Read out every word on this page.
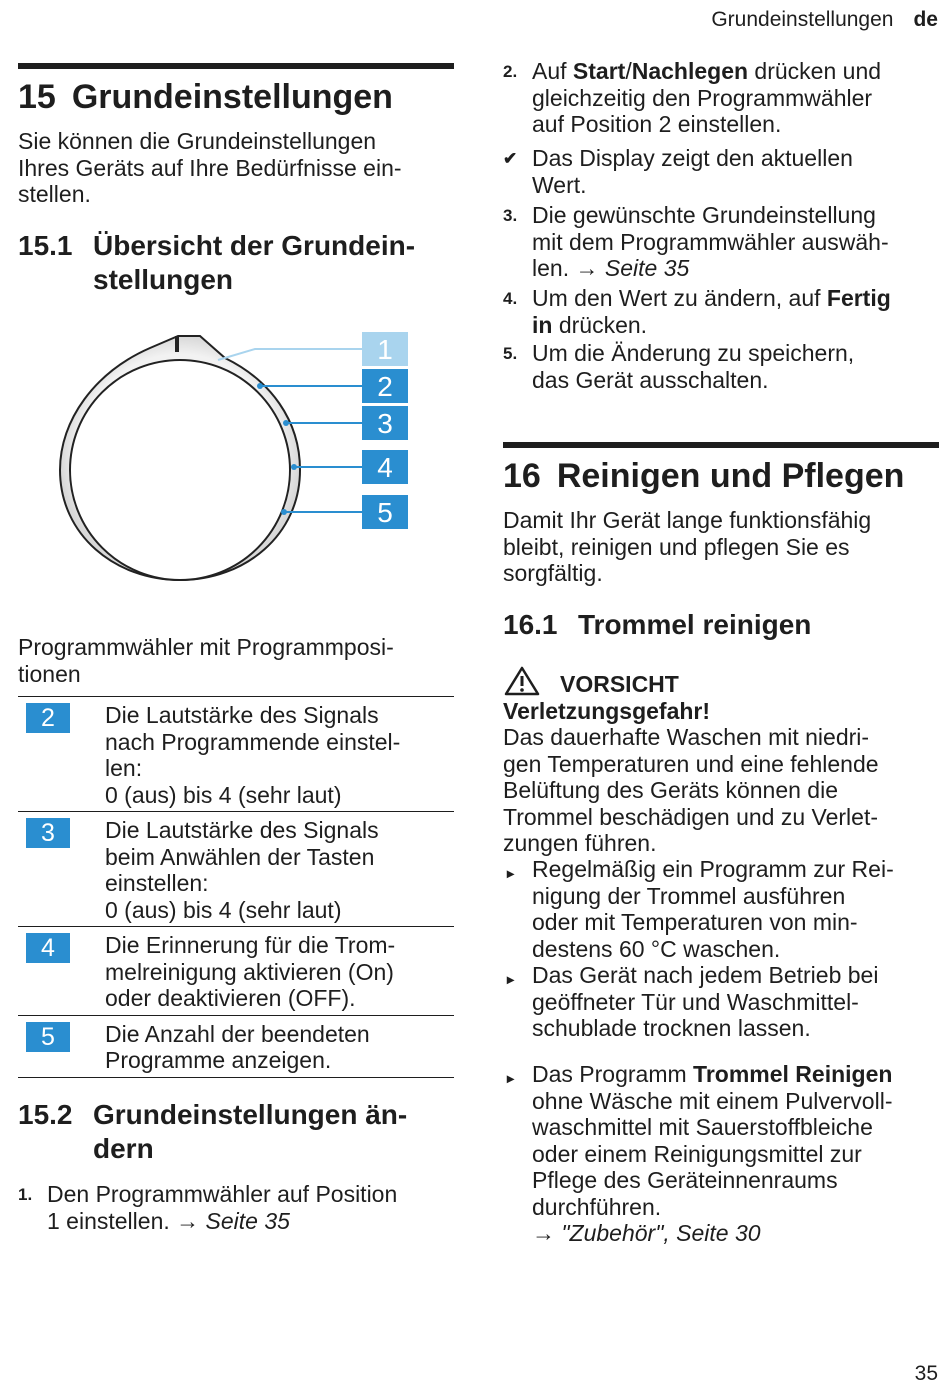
Grundeinstellungen de
15 Grundeinstellungen
Sie können die Grundeinstellungen
Ihres Geräts auf Ihre Bedürfnisse ein-
stellen.
15.1 Übersicht der Grundein-
stellungen
1
2
3
4
5
Programmwähler mit Programmposi-
tionen
2	Die Lautstärke des Signals
nach Programmende einstel-
len:
0 (aus) bis 4 (sehr laut)
3	Die Lautstärke des Signals
beim Anwählen der Tasten
einstellen:
0 (aus) bis 4 (sehr laut)
4	Die Erinnerung für die Trom-
melreinigung aktivieren (On)
oder deaktivieren (OFF).
5	Die Anzahl der beendeten
Programme anzeigen.
15.2 Grundeinstellungen än-
dern
1. Den Programmwähler auf Position
1 einstellen. → Seite 35
2. Auf Start/Nachlegen drücken und
gleichzeitig den Programmwähler
auf Position 2 einstellen.
✔ Das Display zeigt den aktuellen
Wert.
3. Die gewünschte Grundeinstellung
mit dem Programmwähler auswäh-
len. → Seite 35
4. Um den Wert zu ändern, auf Fertig
in drücken.
5. Um die Änderung zu speichern,
das Gerät ausschalten.
16 Reinigen und Pflegen
Damit Ihr Gerät lange funktionsfähig
bleibt, reinigen und pflegen Sie es
sorgfältig.
16.1 Trommel reinigen
VORSICHT
Verletzungsgefahr!
Das dauerhafte Waschen mit niedri-
gen Temperaturen und eine fehlende
Belüftung des Geräts können die
Trommel beschädigen und zu Verlet-
zungen führen.
▸ Regelmäßig ein Programm zur Rei-
nigung der Trommel ausführen
oder mit Temperaturen von min-
destens 60 °C waschen.
▸ Das Gerät nach jedem Betrieb bei
geöffneter Tür und Waschmittel-
schublade trocknen lassen.
▸ Das Programm Trommel Reinigen
ohne Wäsche mit einem Pulvervoll-
waschmittel mit Sauerstoffbleiche
oder einem Reinigungsmittel zur
Pflege des Geräteinnenraums
durchführen.
→ "Zubehör", Seite 30
35
